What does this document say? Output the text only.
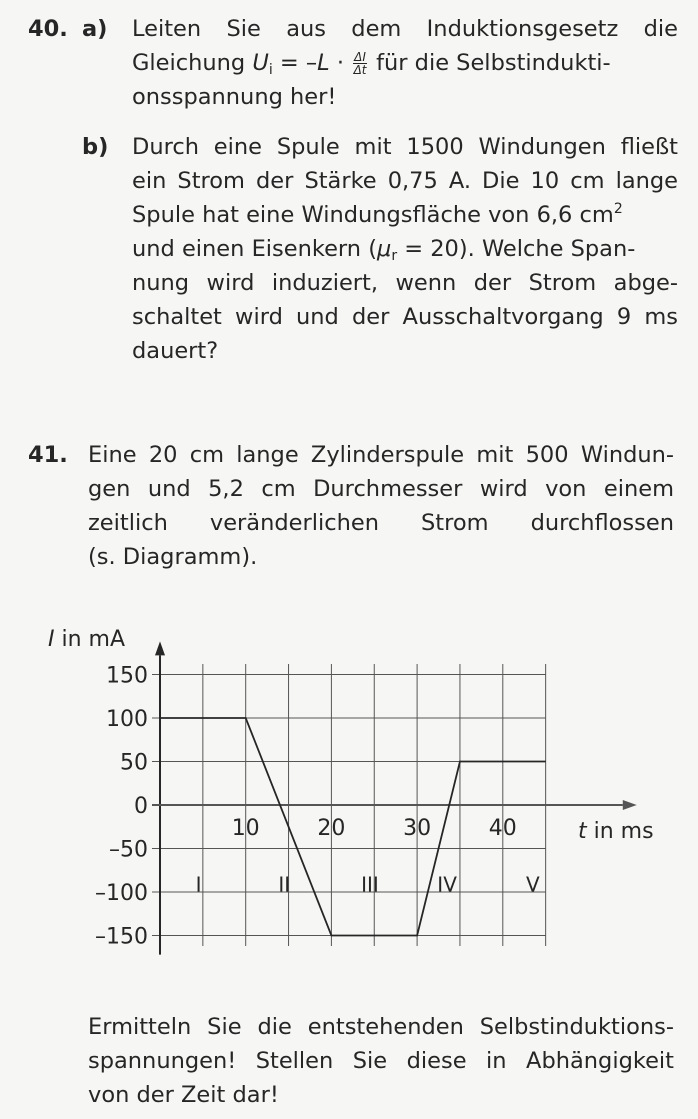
40. a) Leiten Sie aus dem Induktionsgesetz die
Gleichung $U_i = -L \cdot \frac{\Delta I}{\Delta t}$ für die Selbstindukti-
onsspannung her!
b) Durch eine Spule mit 1500 Windungen fließt
ein Strom der Stärke 0,75 A. Die 10 cm lange
Spule hat eine Windungsfläche von 6,6 $cm^2$
und einen Eisenkern $(\mu_r = 20)$. Welche Span-
nung wird induziert, wenn der Strom abge-
schaltet wird und der Ausschaltvorgang 9 ms
dauert?
41. Eine 20 cm lange Zylinderspule mit 500 Windun-
gen und 5,2 cm Durchmesser wird von einem
zeitlich veränderlichen Strom durchflossen
(s. Diagramm).
150
100
50
0
–50
–100
–150
10	20	30	40
I	II	III	IV	V
I in mA
t in ms
Ermitteln Sie die entstehenden Selbstinduktions-
spannungen! Stellen Sie diese in Abhängigkeit
von der Zeit dar!
